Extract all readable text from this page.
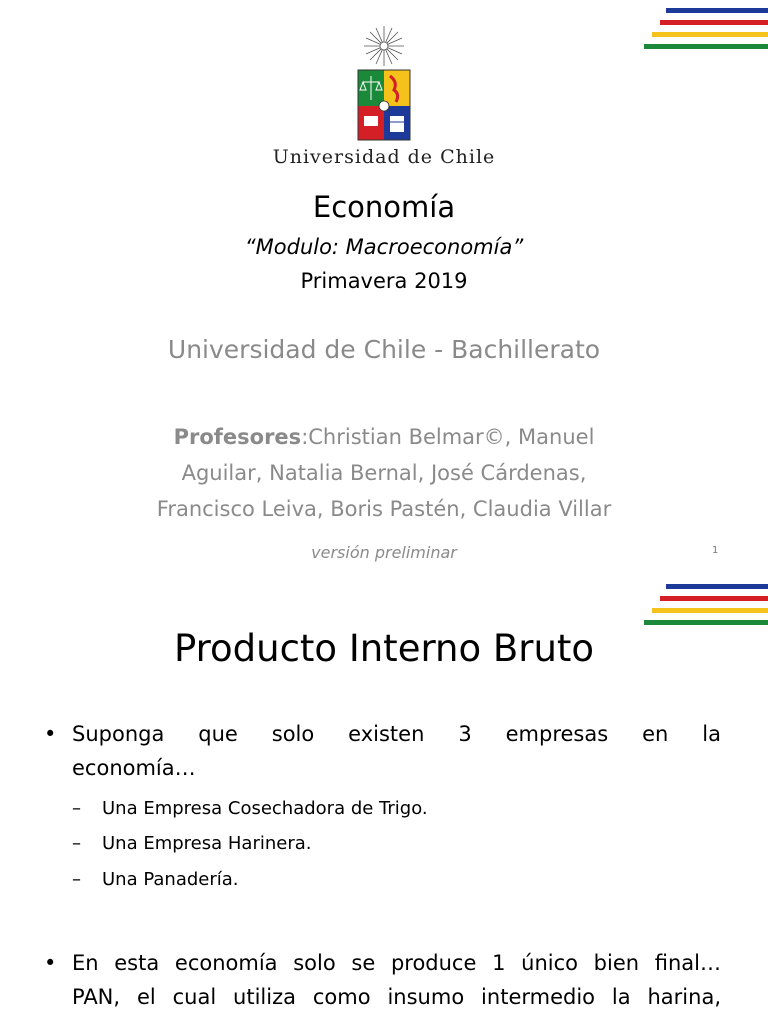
Universidad de Chile
Economía
“Modulo: Macroeconomía”
Primavera 2019
Universidad de Chile - Bachillerato
Profesores:Christian Belmar©, Manuel
Aguilar, Natalia Bernal, José Cárdenas,
Francisco Leiva, Boris Pastén, Claudia Villar
versión preliminar	1
Producto Interno Bruto
• Suponga que solo existen 3 empresas en la
economía…
– Una Empresa Cosechadora de Trigo.
– Una Empresa Harinera.
– Una Panadería.
• En esta economía solo se produce 1 único bien final…
PAN, el cual utiliza como insumo intermedio la harina,
